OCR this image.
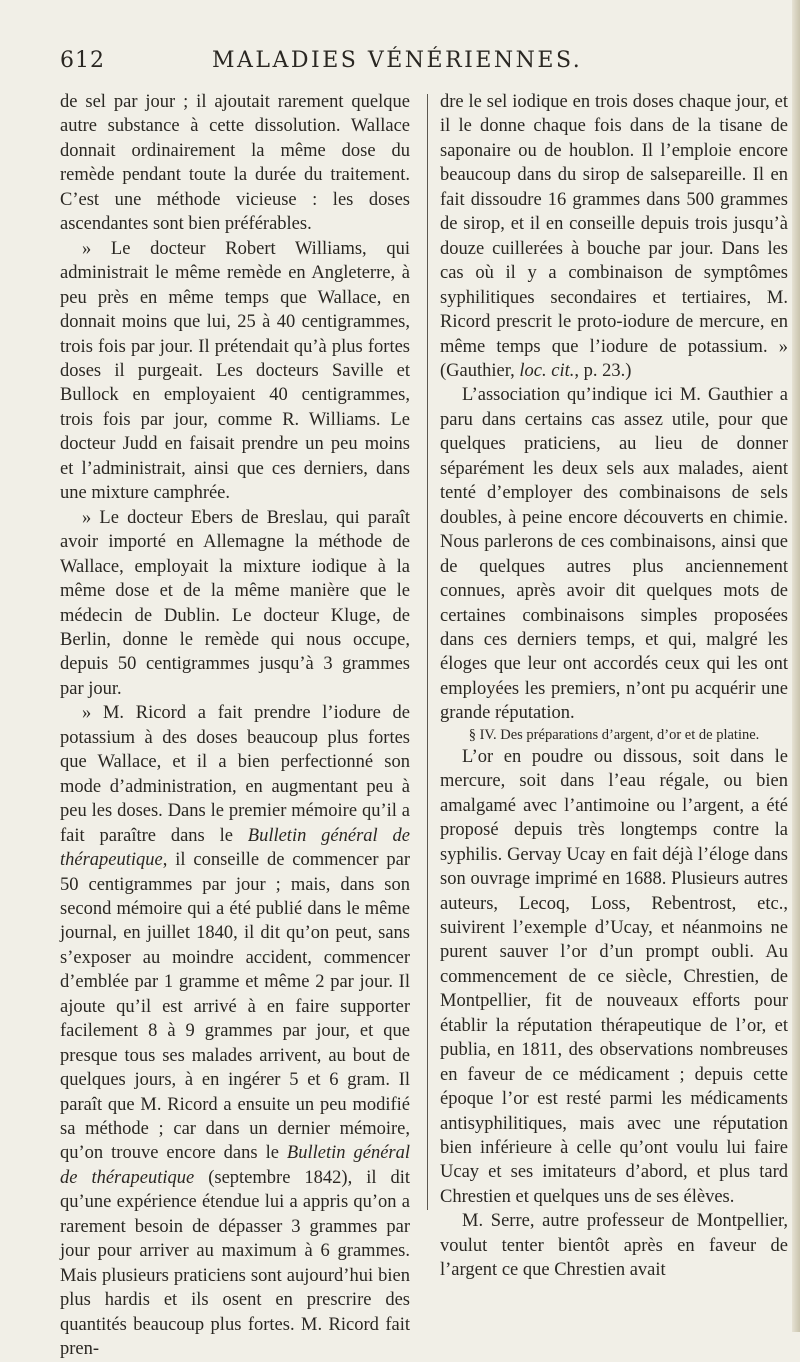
612	MALADIES VÉNÉRIENNES.

de sel par jour ; il ajoutait rarement quelque autre substance à cette dissolution. Wallace donnait ordinairement la même dose du remède pendant toute la durée du traitement. C’est une méthode vicieuse : les doses ascendantes sont bien préférables.

» Le docteur Robert Williams, qui administrait le même remède en Angleterre, à peu près en même temps que Wallace, en donnait moins que lui, 25 à 40 centigrammes, trois fois par jour. Il prétendait qu’à plus fortes doses il purgeait. Les docteurs Saville et Bullock en employaient 40 centigrammes, trois fois par jour, comme R. Williams. Le docteur Judd en faisait prendre un peu moins et l’administrait, ainsi que ces derniers, dans une mixture camphrée.

» Le docteur Ebers de Breslau, qui paraît avoir importé en Allemagne la méthode de Wallace, employait la mixture iodique à la même dose et de la même manière que le médecin de Dublin. Le docteur Kluge, de Berlin, donne le remède qui nous occupe, depuis 50 centigrammes jusqu’à 3 grammes par jour.

» M. Ricord a fait prendre l’iodure de potassium à des doses beaucoup plus fortes que Wallace, et il a bien perfectionné son mode d’administration, en augmentant peu à peu les doses. Dans le premier mémoire qu’il a fait paraître dans le Bulletin général de thérapeutique, il conseille de commencer par 50 centigrammes par jour ; mais, dans son second mémoire qui a été publié dans le même journal, en juillet 1840, il dit qu’on peut, sans s’exposer au moindre accident, commencer d’emblée par 1 gramme et même 2 par jour. Il ajoute qu’il est arrivé à en faire supporter facilement 8 à 9 grammes par jour, et que presque tous ses malades arrivent, au bout de quelques jours, à en ingérer 5 et 6 gram. Il paraît que M. Ricord a ensuite un peu modifié sa méthode ; car dans un dernier mémoire, qu’on trouve encore dans le Bulletin général de thérapeutique (septembre 1842), il dit qu’une expérience étendue lui a appris qu’on a rarement besoin de dépasser 3 grammes par jour pour arriver au maximum à 6 grammes. Mais plusieurs praticiens sont aujourd’hui bien plus hardis et ils osent en prescrire des quantités beaucoup plus fortes. M. Ricord fait pren-

dre le sel iodique en trois doses chaque jour, et il le donne chaque fois dans de la tisane de saponaire ou de houblon. Il l’emploie encore beaucoup dans du sirop de salsepareille. Il en fait dissoudre 16 grammes dans 500 grammes de sirop, et il en conseille depuis trois jusqu’à douze cuillerées à bouche par jour. Dans les cas où il y a combinaison de symptômes syphilitiques secondaires et tertiaires, M. Ricord prescrit le proto-iodure de mercure, en même temps que l’iodure de potassium. » (Gauthier, loc. cit., p. 23.)

L’association qu’indique ici M. Gauthier a paru dans certains cas assez utile, pour que quelques praticiens, au lieu de donner séparément les deux sels aux malades, aient tenté d’employer des combinaisons de sels doubles, à peine encore découverts en chimie. Nous parlerons de ces combinaisons, ainsi que de quelques autres plus anciennement connues, après avoir dit quelques mots de certaines combinaisons simples proposées dans ces derniers temps, et qui, malgré les éloges que leur ont accordés ceux qui les ont employées les premiers, n’ont pu acquérir une grande réputation.

§ IV. Des préparations d’argent, d’or et de platine.

L’or en poudre ou dissous, soit dans le mercure, soit dans l’eau régale, ou bien amalgamé avec l’antimoine ou l’argent, a été proposé depuis très longtemps contre la syphilis. Gervay Ucay en fait déjà l’éloge dans son ouvrage imprimé en 1688. Plusieurs autres auteurs, Lecoq, Loss, Rebentrost, etc., suivirent l’exemple d’Ucay, et néanmoins ne purent sauver l’or d’un prompt oubli. Au commencement de ce siècle, Chrestien, de Montpellier, fit de nouveaux efforts pour établir la réputation thérapeutique de l’or, et publia, en 1811, des observations nombreuses en faveur de ce médicament ; depuis cette époque l’or est resté parmi les médicaments antisyphilitiques, mais avec une réputation bien inférieure à celle qu’ont voulu lui faire Ucay et ses imitateurs d’abord, et plus tard Chrestien et quelques uns de ses élèves.

M. Serre, autre professeur de Montpellier, voulut tenter bientôt après en faveur de l’argent ce que Chrestien avait
